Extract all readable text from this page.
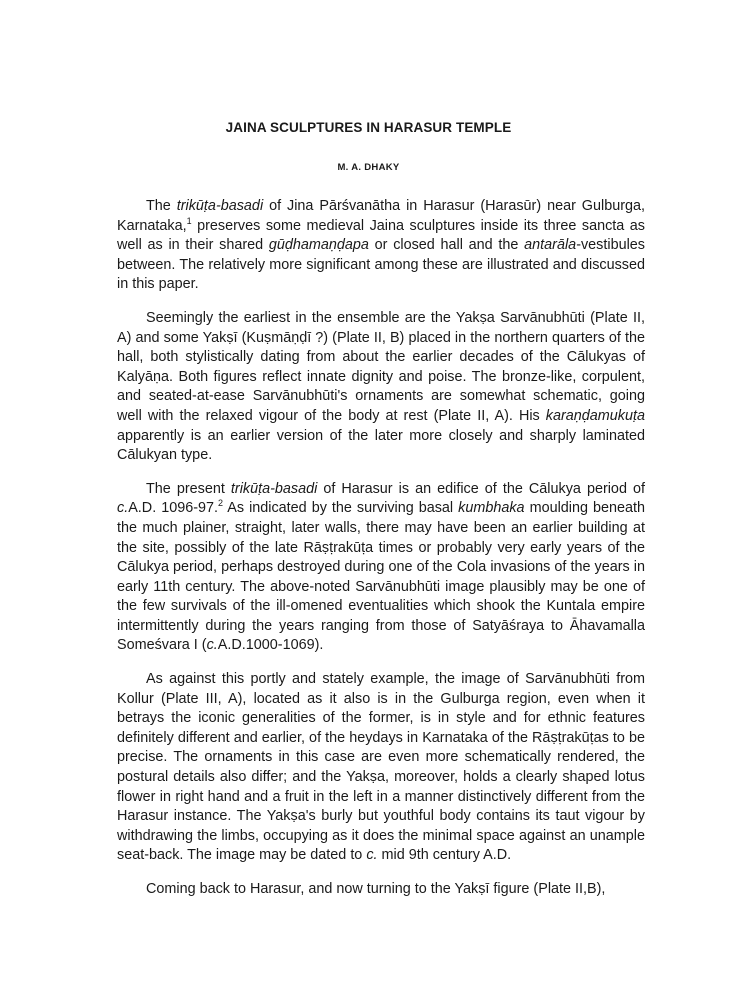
JAINA SCULPTURES IN HARASUR TEMPLE
M. A. DHAKY

The trikūṭa-basadi of Jina Pārśvanātha in Harasur (Harasūr) near Gulburga, Karnataka,$^1$ preserves some medieval Jaina sculptures inside its three sancta as well as in their shared gūḍhamaṇḍapa or closed hall and the antarāla-vestibules between. The relatively more significant among these are illustrated and discussed in this paper.

Seemingly the earliest in the ensemble are the Yakṣa Sarvānubhūti (Plate II, A) and some Yakṣī (Kuṣmāṇḍī ?) (Plate II, B) placed in the northern quarters of the hall, both stylistically dating from about the earlier decades of the Cālukyas of Kalyāṇa. Both figures reflect innate dignity and poise. The bronze-like, corpulent, and seated-at-ease Sarvānubhūti's ornaments are somewhat schematic, going well with the relaxed vigour of the body at rest (Plate II, A). His karaṇḍamukuṭa apparently is an earlier version of the later more closely and sharply laminated Cālukyan type.

The present trikūṭa-basadi of Harasur is an edifice of the Cālukya period of c.A.D. 1096-97.$^2$ As indicated by the surviving basal kumbhaka moulding beneath the much plainer, straight, later walls, there may have been an earlier building at the site, possibly of the late Rāṣṭrakūṭa times or probably very early years of the Cālukya period, perhaps destroyed during one of the Cola invasions of the years in early 11th century. The above-noted Sarvānubhūti image plausibly may be one of the few survivals of the ill-omened eventualities which shook the Kuntala empire intermittently during the years ranging from those of Satyāśraya to Āhavamalla Someśvara I (c.A.D.1000-1069).

As against this portly and stately example, the image of Sarvānubhūti from Kollur (Plate III, A), located as it also is in the Gulburga region, even when it betrays the iconic generalities of the former, is in style and for ethnic features definitely different and earlier, of the heydays in Karnataka of the Rāṣṭrakūṭas to be precise. The ornaments in this case are even more schematically rendered, the postural details also differ; and the Yakṣa, moreover, holds a clearly shaped lotus flower in right hand and a fruit in the left in a manner distinctively different from the Harasur instance. The Yakṣa's burly but youthful body contains its taut vigour by withdrawing the limbs, occupying as it does the minimal space against an unample seat-back. The image may be dated to c. mid 9th century A.D.

Coming back to Harasur, and now turning to the Yakṣī figure (Plate II,B),
